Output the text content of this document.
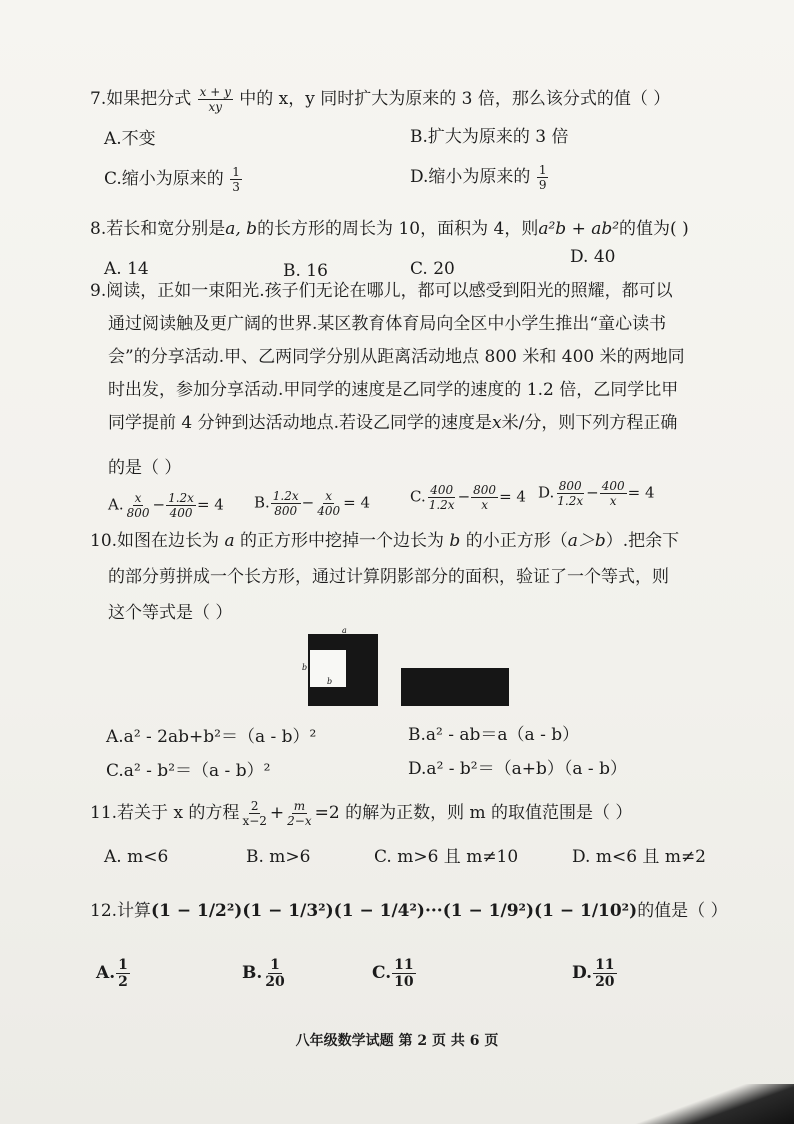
7.如果把分式 $\frac{x + y}{xy}$ 中的 x，y 同时扩大为原来的 3 倍，那么该分式的值（ ）
A.不变	B.扩大为原来的 3 倍
C.缩小为原来的 $\frac{1}{3}$	D.缩小为原来的 $\frac{1}{9}$
8.若长和宽分别是a, b的长方形的周长为 10，面积为 4，则a²b + ab²的值为( )
A. 14	B. 16	C. 20
D. 40
9.阅读，正如一束阳光.孩子们无论在哪儿，都可以感受到阳光的照耀，都可以
通过阅读触及更广阔的世界.某区教育体育局向全区中小学生推出“童心读书
会”的分享活动.甲、乙两同学分别从距离活动地点 800 米和 400 米的两地同
时出发，参加分享活动.甲同学的速度是乙同学的速度的 1.2 倍，乙同学比甲
同学提前 4 分钟到达活动地点.若设乙同学的速度是x米/分，则下列方程正确
的是（ ）
A. $\frac{x}{800} - \frac{1.2x}{400} = 4$ B. $\frac{1.2x}{800} - \frac{x}{400} = 4$	C. $\frac{400}{1.2x} - \frac{800}{x} = 4$ D. $\frac{800}{1.2x} - \frac{400}{x} = 4$
10.如图在边长为 a 的正方形中挖掉一个边长为 b 的小正方形（a＞b）.把余下
的部分剪拼成一个长方形，通过计算阴影部分的面积，验证了一个等式，则
这个等式是（ ）
a
b
b
A.a² - 2ab+b²＝（a - b）²	B.a² - ab＝a（a - b）
C.a² - b²＝（a - b）²	D.a² - b²＝（a+b）（a - b）
11.若关于 x 的方程 $\frac{2}{x-2} + \frac{m}{2-x} =2$ 的解为正数，则 m 的取值范围是（ ）
A. m<6	B. m>6	C. m>6 且 m≠10	D. m<6 且 m≠2
12.计算(1 − 1/2²)(1 − 1/3²)(1 − 1/4²)···(1 − 1/9²)(1 − 1/10²)的值是（ ）
A. $\frac{1}{2}$	B. $\frac{1}{20}$	C. $\frac{11}{10}$	D. $\frac{11}{20}$
八年级数学试题 第 2 页 共 6 页
